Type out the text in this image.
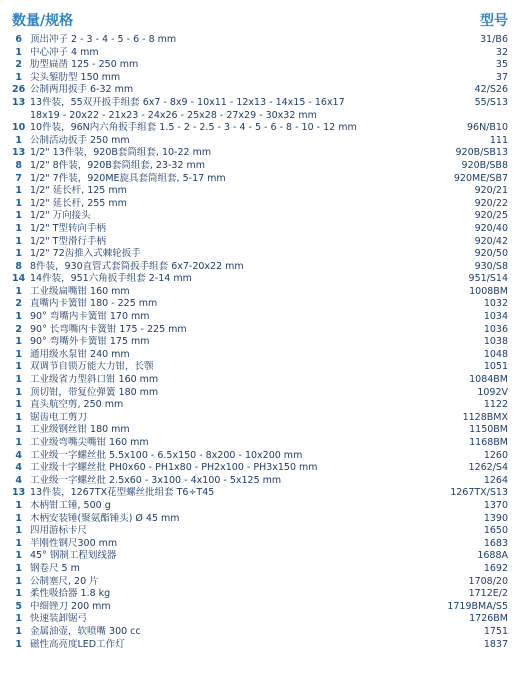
数量/规格	型号
6 顶出冲子 2 - 3 - 4 - 5 - 6 - 8 mm	31/B6
1 中心冲子 4 mm	32
2 肋型扁凿 125 - 250 mm	35
1 尖头錾肋型 150 mm	37
26 公制两用扳手 6-32 mm	42/S26
13 13件装，55双开扳手组套 6x7 - 8x9 - 10x11 - 12x13 - 14x15 - 16x17	55/S13
18x19 - 20x22 - 21x23 - 24x26 - 25x28 - 27x29 - 30x32 mm
10 10件装，96N内六角扳手组套 1.5 - 2 - 2.5 - 3 - 4 - 5 - 6 - 8 - 10 - 12 mm	96N/B10
1 公制活动扳手 250 mm	111
13 1/2" 13件装，920B套筒组套, 10-22 mm	920B/SB13
8 1/2" 8件装，920B套筒组套, 23-32 mm	920B/SB8
7 1/2" 7件装，920ME旋具套筒组套, 5-17 mm	920ME/SB7
1 1/2" 延长杆, 125 mm	920/21
1 1/2" 延长杆, 255 mm	920/22
1 1/2" 万向接头	920/25
1 1/2" T型转向手柄	920/40
1 1/2" T型滑行手柄	920/42
1 1/2" 72齿推入式棘轮扳手	920/50
8 8件装，930直管式套筒扳手组套 6x7-20x22 mm	930/S8
14 14件装，951六角扳手组套 2-14 mm	951/S14
1 工业级扁嘴钳 160 mm	1008BM
2 直嘴内卡簧钳 180 - 225 mm	1032
1 90° 弯嘴内卡簧钳 170 mm	1034
2 90° 长弯嘴内卡簧钳 175 - 225 mm	1036
1 90° 弯嘴外卡簧钳 175 mm	1038
1 通用级水泵钳 240 mm	1048
1 双调节自锁万能大力钳，长颚	1051
1 工业级省力型斜口钳 160 mm	1084BM
1 顶切钳，带复位弹簧 180 mm	1092V
1 直头航空剪, 250 mm	1122
1 锯齿电工剪刀	1128BMX
1 工业级钢丝钳 180 mm	1150BM
1 工业级弯嘴尖嘴钳 160 mm	1168BM
4 工业级一字螺丝批 5.5x100 - 6.5x150 - 8x200 - 10x200 mm	1260
4 工业级十字螺丝批 PH0x60 - PH1x80 - PH2x100 - PH3x150 mm	1262/S4
4 工业级一字螺丝批 2.5x60 - 3x100 - 4x100 - 5x125 mm	1264
13 13件装，1267TX花型螺丝批组套 T6÷T45	1267TX/S13
1 木柄钳工锤, 500 g	1370
1 木柄安装锤(聚氨酯锤头) Ø 45 mm	1390
1 四用游标卡尺	1650
1 半刚性钢尺300 mm	1683
1 45° 钢制工程划线器	1688A
1 钢卷尺 5 m	1692
1 公制塞尺, 20 片	1708/20
1 柔性吸拾器 1.8 kg	1712E/2
5 中细锉刀 200 mm	1719BMA/S5
1 快速装卸锯弓	1726BM
1 金属油壶，软喷嘴 300 cc	1751
1 磁性高亮度LED工作灯	1837
